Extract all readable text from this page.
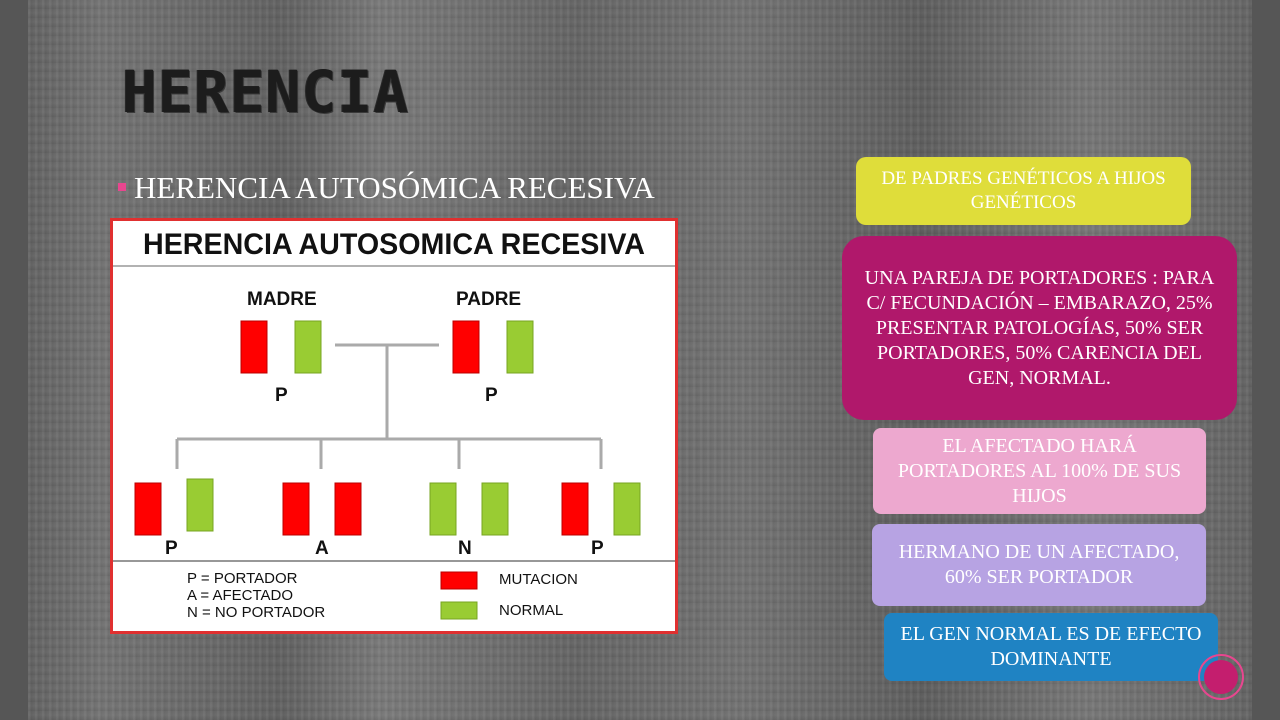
HERENCIA
HERENCIA AUTOSÓMICA RECESIVA
HERENCIA AUTOSOMICA RECESIVA
MADRE	PADRE
P	P
P	A	N	P
P = PORTADOR
A = AFECTADO
N = NO PORTADOR
MUTACION
NORMAL
DE PADRES GENÉTICOS A HIJOS GENÉTICOS
UNA PAREJA DE PORTADORES : PARA C/ FECUNDACIÓN – EMBARAZO, 25% PRESENTAR PATOLOGÍAS, 50% SER PORTADORES, 50% CARENCIA DEL GEN, NORMAL.
EL AFECTADO HARÁ PORTADORES AL 100% DE SUS HIJOS
HERMANO DE UN AFECTADO, 60% SER PORTADOR
EL GEN NORMAL ES DE EFECTO DOMINANTE
